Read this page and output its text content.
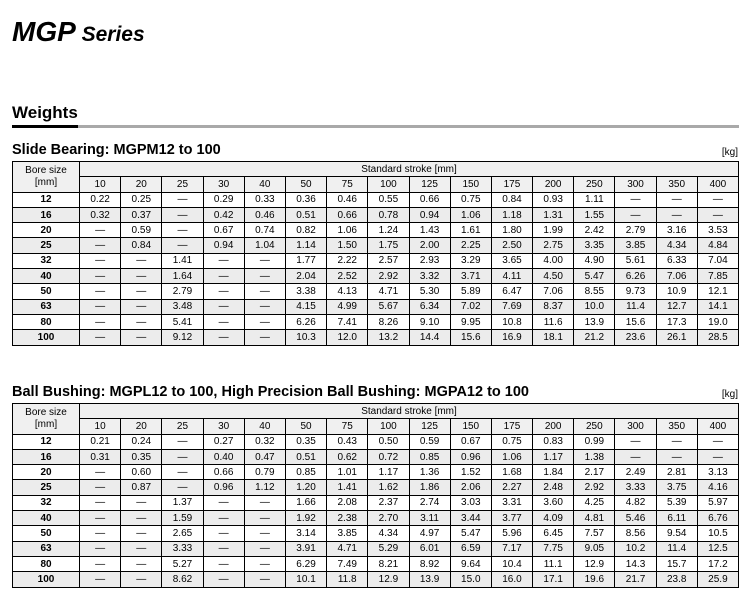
MGP Series
Weights
Slide Bearing: MGPM12 to 100	[kg]
Bore size [mm]	Standard stroke [mm]															
	10	20	25	30	40	50	75	100	125	150	175	200	250	300	350	400
12	0.22	0.25	—	0.29	0.33	0.36	0.46	0.55	0.66	0.75	0.84	0.93	1.11	—	—	—
16	0.32	0.37	—	0.42	0.46	0.51	0.66	0.78	0.94	1.06	1.18	1.31	1.55	—	—	—
20	—	0.59	—	0.67	0.74	0.82	1.06	1.24	1.43	1.61	1.80	1.99	2.42	2.79	3.16	3.53
25	—	0.84	—	0.94	1.04	1.14	1.50	1.75	2.00	2.25	2.50	2.75	3.35	3.85	4.34	4.84
32	—	—	1.41	—	—	1.77	2.22	2.57	2.93	3.29	3.65	4.00	4.90	5.61	6.33	7.04
40	—	—	1.64	—	—	2.04	2.52	2.92	3.32	3.71	4.11	4.50	5.47	6.26	7.06	7.85
50	—	—	2.79	—	—	3.38	4.13	4.71	5.30	5.89	6.47	7.06	8.55	9.73	10.9	12.1
63	—	—	3.48	—	—	4.15	4.99	5.67	6.34	7.02	7.69	8.37	10.0	11.4	12.7	14.1
80	—	—	5.41	—	—	6.26	7.41	8.26	9.10	9.95	10.8	11.6	13.9	15.6	17.3	19.0
100	—	—	9.12	—	—	10.3	12.0	13.2	14.4	15.6	16.9	18.1	21.2	23.6	26.1	28.5
Ball Bushing: MGPL12 to 100, High Precision Ball Bushing: MGPA12 to 100	[kg]
Bore size [mm]	Standard stroke [mm]															
	10	20	25	30	40	50	75	100	125	150	175	200	250	300	350	400
12	0.21	0.24	—	0.27	0.32	0.35	0.43	0.50	0.59	0.67	0.75	0.83	0.99	—	—	—
16	0.31	0.35	—	0.40	0.47	0.51	0.62	0.72	0.85	0.96	1.06	1.17	1.38	—	—	—
20	—	0.60	—	0.66	0.79	0.85	1.01	1.17	1.36	1.52	1.68	1.84	2.17	2.49	2.81	3.13
25	—	0.87	—	0.96	1.12	1.20	1.41	1.62	1.86	2.06	2.27	2.48	2.92	3.33	3.75	4.16
32	—	—	1.37	—	—	1.66	2.08	2.37	2.74	3.03	3.31	3.60	4.25	4.82	5.39	5.97
40	—	—	1.59	—	—	1.92	2.38	2.70	3.11	3.44	3.77	4.09	4.81	5.46	6.11	6.76
50	—	—	2.65	—	—	3.14	3.85	4.34	4.97	5.47	5.96	6.45	7.57	8.56	9.54	10.5
63	—	—	3.33	—	—	3.91	4.71	5.29	6.01	6.59	7.17	7.75	9.05	10.2	11.4	12.5
80	—	—	5.27	—	—	6.29	7.49	8.21	8.92	9.64	10.4	11.1	12.9	14.3	15.7	17.2
100	—	—	8.62	—	—	10.1	11.8	12.9	13.9	15.0	16.0	17.1	19.6	21.7	23.8	25.9
